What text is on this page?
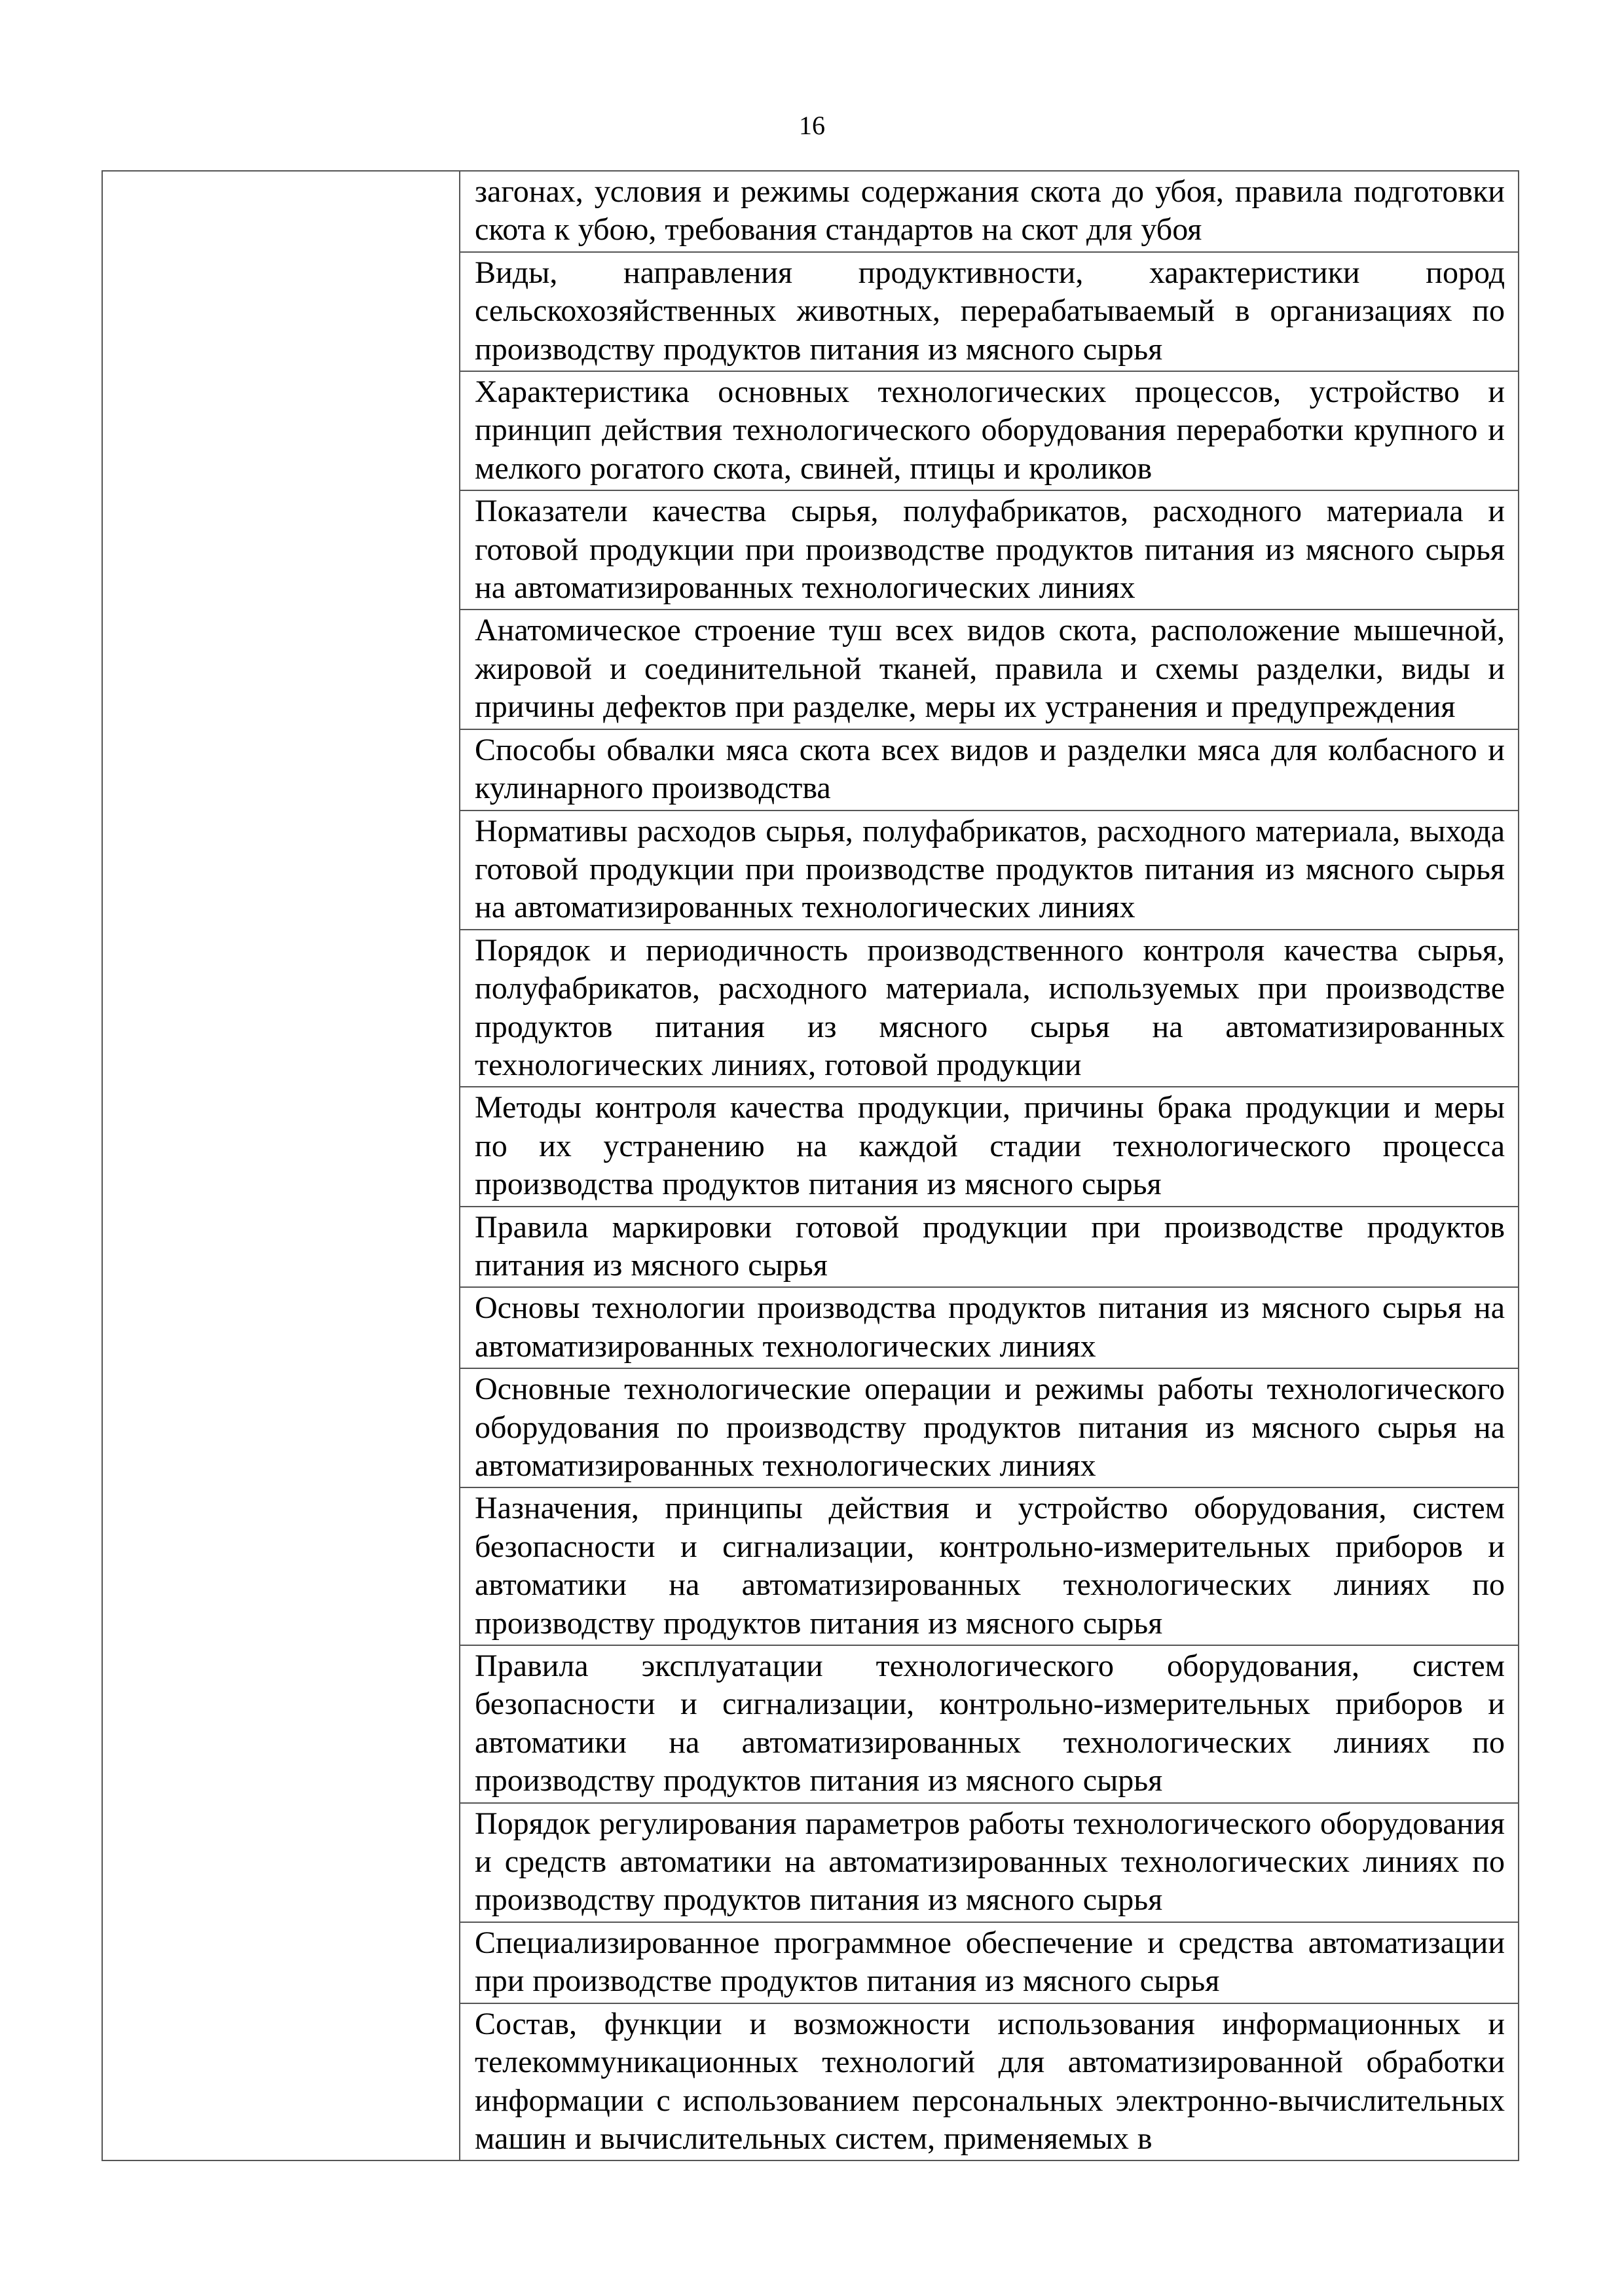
16

загонах, условия и режимы содержания скота до убоя, правила подготовки скота к убою, требования стандартов на скот для убоя

Виды, направления продуктивности, характеристики пород сельскохозяйственных животных, перерабатываемый в организациях по производству продуктов питания из мясного сырья

Характеристика основных технологических процессов, устройство и принцип действия технологического оборудования переработки крупного и мелкого рогатого скота, свиней, птицы и кроликов

Показатели качества сырья, полуфабрикатов, расходного материала и готовой продукции при производстве продуктов питания из мясного сырья на автоматизированных технологических линиях

Анатомическое строение туш всех видов скота, расположение мышечной, жировой и соединительной тканей, правила и схемы разделки, виды и причины дефектов при разделке, меры их устранения и предупреждения

Способы обвалки мяса скота всех видов и разделки мяса для колбасного и кулинарного производства

Нормативы расходов сырья, полуфабрикатов, расходного материала, выхода готовой продукции при производстве продуктов питания из мясного сырья на автоматизированных технологических линиях

Порядок и периодичность производственного контроля качества сырья, полуфабрикатов, расходного материала, используемых при производстве продуктов питания из мясного сырья на автоматизированных технологических линиях, готовой продукции

Методы контроля качества продукции, причины брака продукции и меры по их устранению на каждой стадии технологического процесса производства продуктов питания из мясного сырья

Правила маркировки готовой продукции при производстве продуктов питания из мясного сырья

Основы технологии производства продуктов питания из мясного сырья на автоматизированных технологических линиях

Основные технологические операции и режимы работы технологического оборудования по производству продуктов питания из мясного сырья на автоматизированных технологических линиях

Назначения, принципы действия и устройство оборудования, систем безопасности и сигнализации, контрольно-измерительных приборов и автоматики на автоматизированных технологических линиях по производству продуктов питания из мясного сырья

Правила эксплуатации технологического оборудования, систем безопасности и сигнализации, контрольно-измерительных приборов и автоматики на автоматизированных технологических линиях по производству продуктов питания из мясного сырья

Порядок регулирования параметров работы технологического оборудования и средств автоматики на автоматизированных технологических линиях по производству продуктов питания из мясного сырья

Специализированное программное обеспечение и средства автоматизации при производстве продуктов питания из мясного сырья

Состав, функции и возможности использования информационных и телекоммуникационных технологий для автоматизированной обработки информации с использованием персональных электронно-вычислительных машин и вычислительных систем, применяемых в
